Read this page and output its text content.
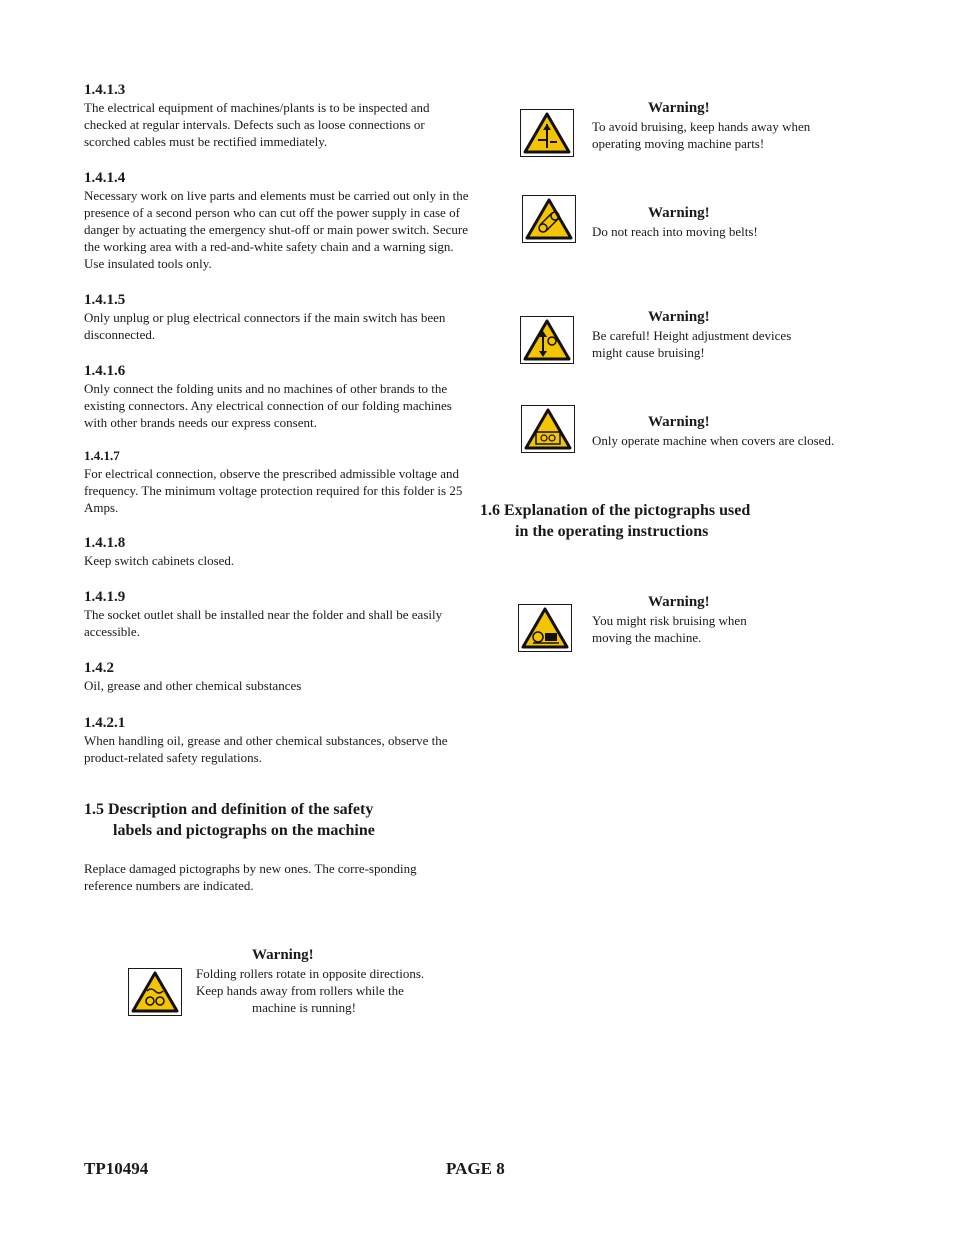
1.4.1.3

The electrical equipment of machines/plants is to be inspected and checked at regular intervals. Defects such as loose connections or scorched cables must be rectified immediately.

1.4.1.4

Necessary work on live parts and elements must be carried out only in the presence of a second person who can cut off the power supply in case of danger by actuating the emergency shut-off or main power switch. Secure the working area with a red-and-white safety chain and a warning sign. Use insulated tools only.

1.4.1.5

Only unplug or plug electrical connectors if the main switch has been disconnected.

1.4.1.6

Only connect the folding units and no machines of other brands to the existing connectors. Any electrical connection of our folding machines with other brands needs our express consent.

1.4.1.7

For electrical connection, observe the prescribed admissible voltage and frequency. The minimum voltage protection required for this folder is 25 Amps.

1.4.1.8

Keep switch cabinets closed.

1.4.1.9

The socket outlet shall be installed near the folder and shall be easily accessible.

1.4.2

Oil, grease and other chemical substances

1.4.2.1

When handling oil, grease and other chemical substances, observe the product-related safety regulations.

1.5 Description and definition of the safety
labels and pictographs on the machine

Replace damaged pictographs by new ones. The corre-sponding reference numbers are indicated.

Warning!

Folding rollers rotate in opposite directions.
Keep hands away from rollers while the
machine is running!

Warning!

To avoid bruising, keep hands away when
operating moving machine parts!

Warning!

Do not reach into moving belts!

Warning!

Be careful! Height adjustment devices
might cause bruising!

Warning!

Only operate machine when covers are closed.

1.6 Explanation of the pictographs used
in the operating instructions
Warning!

You might risk bruising when
moving the machine.

TP10494	PAGE 8
